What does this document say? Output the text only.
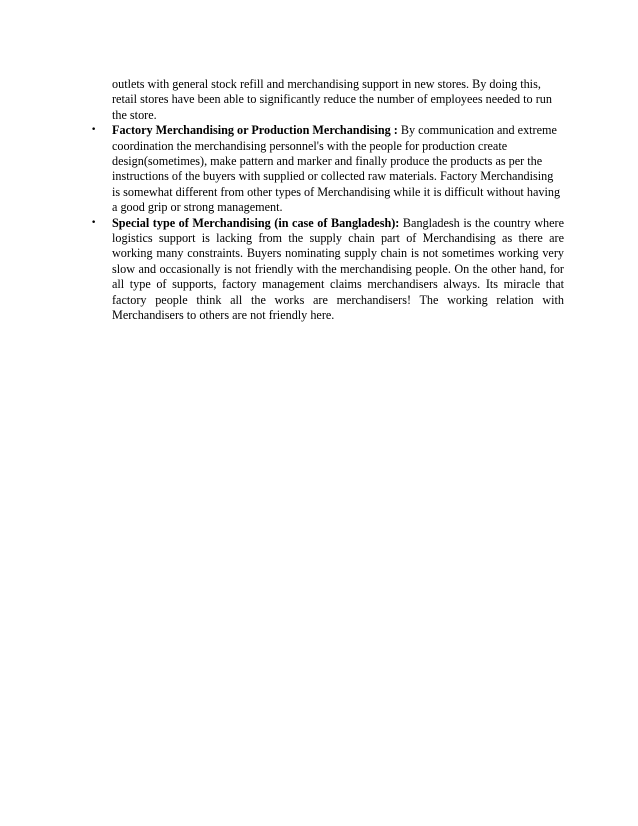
outlets with general stock refill and merchandising support in new stores. By doing this, retail stores have been able to significantly reduce the number of employees needed to run the store.

• Factory Merchandising or Production Merchandising : By communication and extreme coordination the merchandising personnel's with the people for production create design(sometimes), make pattern and marker and finally produce the products as per the instructions of the buyers with supplied or collected raw materials. Factory Merchandising is somewhat different from other types of Merchandising while it is difficult without having a good grip or strong management.

• Special type of Merchandising (in case of Bangladesh): Bangladesh is the country where logistics support is lacking from the supply chain part of Merchandising as there are working many constraints. Buyers nominating supply chain is not sometimes working very slow and occasionally is not friendly with the merchandising people. On the other hand, for all type of supports, factory management claims merchandisers always. Its miracle that factory people think all the works are merchandisers! The working relation with Merchandisers to others are not friendly here.
